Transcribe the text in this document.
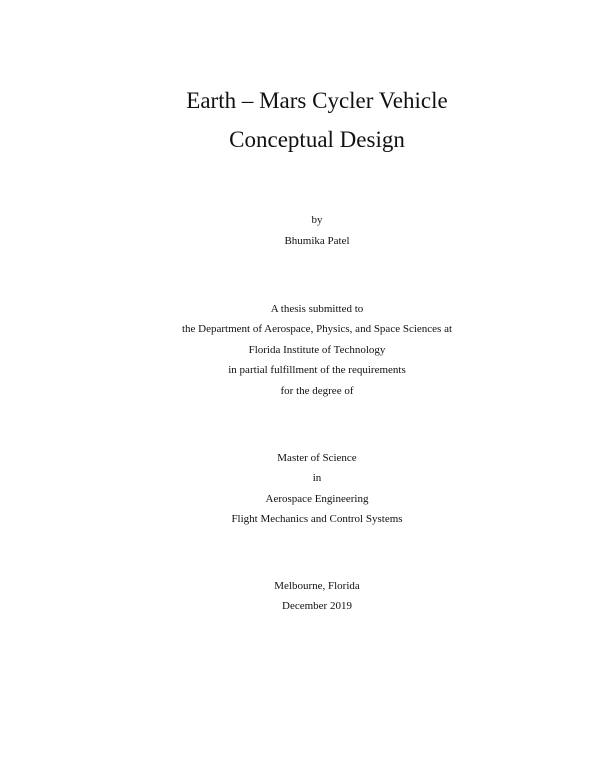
Earth – Mars Cycler Vehicle
Conceptual Design
by
Bhumika Patel
A thesis submitted to
the Department of Aerospace, Physics, and Space Sciences at
Florida Institute of Technology
in partial fulfillment of the requirements
for the degree of
Master of Science
in
Aerospace Engineering
Flight Mechanics and Control Systems
Melbourne, Florida
December 2019
